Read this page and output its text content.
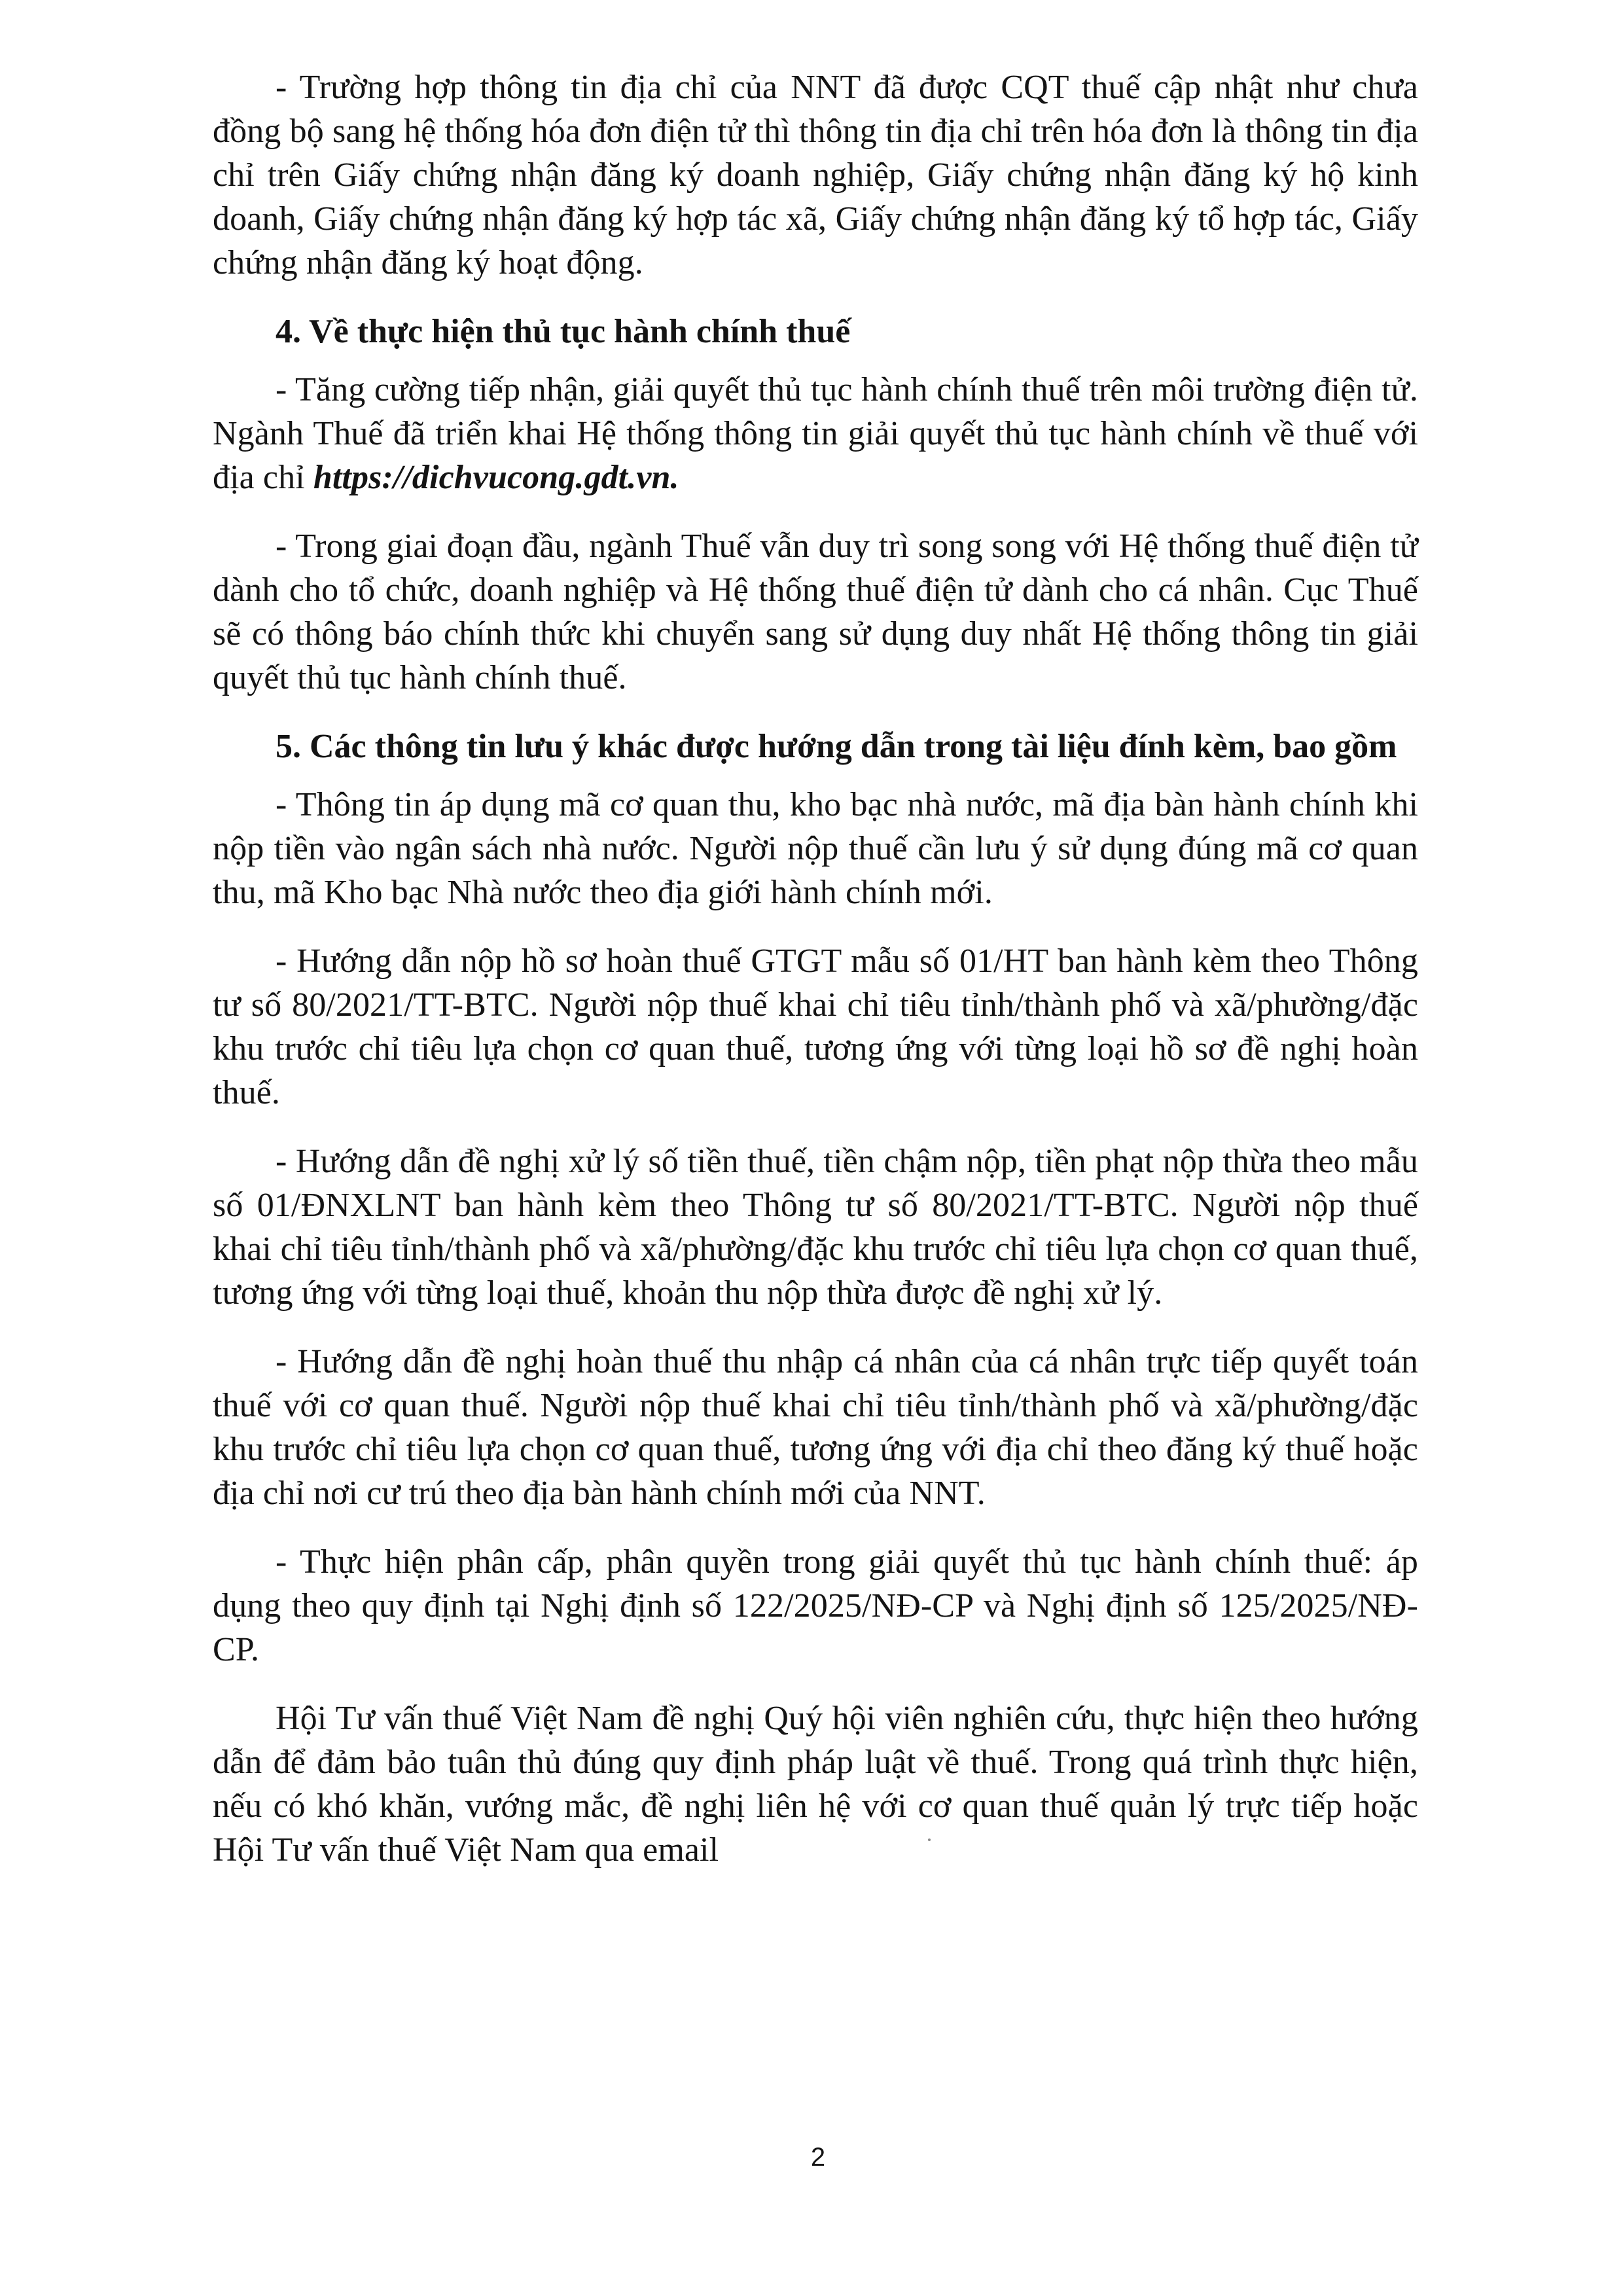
- Trường hợp thông tin địa chỉ của NNT đã được CQT thuế cập nhật như chưa đồng bộ sang hệ thống hóa đơn điện tử thì thông tin địa chỉ trên hóa đơn là thông tin địa chỉ trên Giấy chứng nhận đăng ký doanh nghiệp, Giấy chứng nhận đăng ký hộ kinh doanh, Giấy chứng nhận đăng ký hợp tác xã, Giấy chứng nhận đăng ký tổ hợp tác, Giấy chứng nhận đăng ký hoạt động.

4. Về thực hiện thủ tục hành chính thuế

- Tăng cường tiếp nhận, giải quyết thủ tục hành chính thuế trên môi trường điện tử. Ngành Thuế đã triển khai Hệ thống thông tin giải quyết thủ tục hành chính về thuế với địa chỉ https://dichvucong.gdt.vn.

- Trong giai đoạn đầu, ngành Thuế vẫn duy trì song song với Hệ thống thuế điện tử dành cho tổ chức, doanh nghiệp và Hệ thống thuế điện tử dành cho cá nhân. Cục Thuế sẽ có thông báo chính thức khi chuyển sang sử dụng duy nhất Hệ thống thông tin giải quyết thủ tục hành chính thuế.

5. Các thông tin lưu ý khác được hướng dẫn trong tài liệu đính kèm, bao gồm

- Thông tin áp dụng mã cơ quan thu, kho bạc nhà nước, mã địa bàn hành chính khi nộp tiền vào ngân sách nhà nước. Người nộp thuế cần lưu ý sử dụng đúng mã cơ quan thu, mã Kho bạc Nhà nước theo địa giới hành chính mới.

- Hướng dẫn nộp hồ sơ hoàn thuế GTGT mẫu số 01/HT ban hành kèm theo Thông tư số 80/2021/TT-BTC. Người nộp thuế khai chỉ tiêu tỉnh/thành phố và xã/phường/đặc khu trước chỉ tiêu lựa chọn cơ quan thuế, tương ứng với từng loại hồ sơ đề nghị hoàn thuế.

- Hướng dẫn đề nghị xử lý số tiền thuế, tiền chậm nộp, tiền phạt nộp thừa theo mẫu số 01/ĐNXLNT ban hành kèm theo Thông tư số 80/2021/TT-BTC. Người nộp thuế khai chỉ tiêu tỉnh/thành phố và xã/phường/đặc khu trước chỉ tiêu lựa chọn cơ quan thuế, tương ứng với từng loại thuế, khoản thu nộp thừa được đề nghị xử lý.

- Hướng dẫn đề nghị hoàn thuế thu nhập cá nhân của cá nhân trực tiếp quyết toán thuế với cơ quan thuế. Người nộp thuế khai chỉ tiêu tỉnh/thành phố và xã/phường/đặc khu trước chỉ tiêu lựa chọn cơ quan thuế, tương ứng với địa chỉ theo đăng ký thuế hoặc địa chỉ nơi cư trú theo địa bàn hành chính mới của NNT.

- Thực hiện phân cấp, phân quyền trong giải quyết thủ tục hành chính thuế: áp dụng theo quy định tại Nghị định số 122/2025/NĐ-CP và Nghị định số 125/2025/NĐ-CP.

Hội Tư vấn thuế Việt Nam đề nghị Quý hội viên nghiên cứu, thực hiện theo hướng dẫn để đảm bảo tuân thủ đúng quy định pháp luật về thuế. Trong quá trình thực hiện, nếu có khó khăn, vướng mắc, đề nghị liên hệ với cơ quan thuế quản lý trực tiếp hoặc Hội Tư vấn thuế Việt Nam qua email

2
